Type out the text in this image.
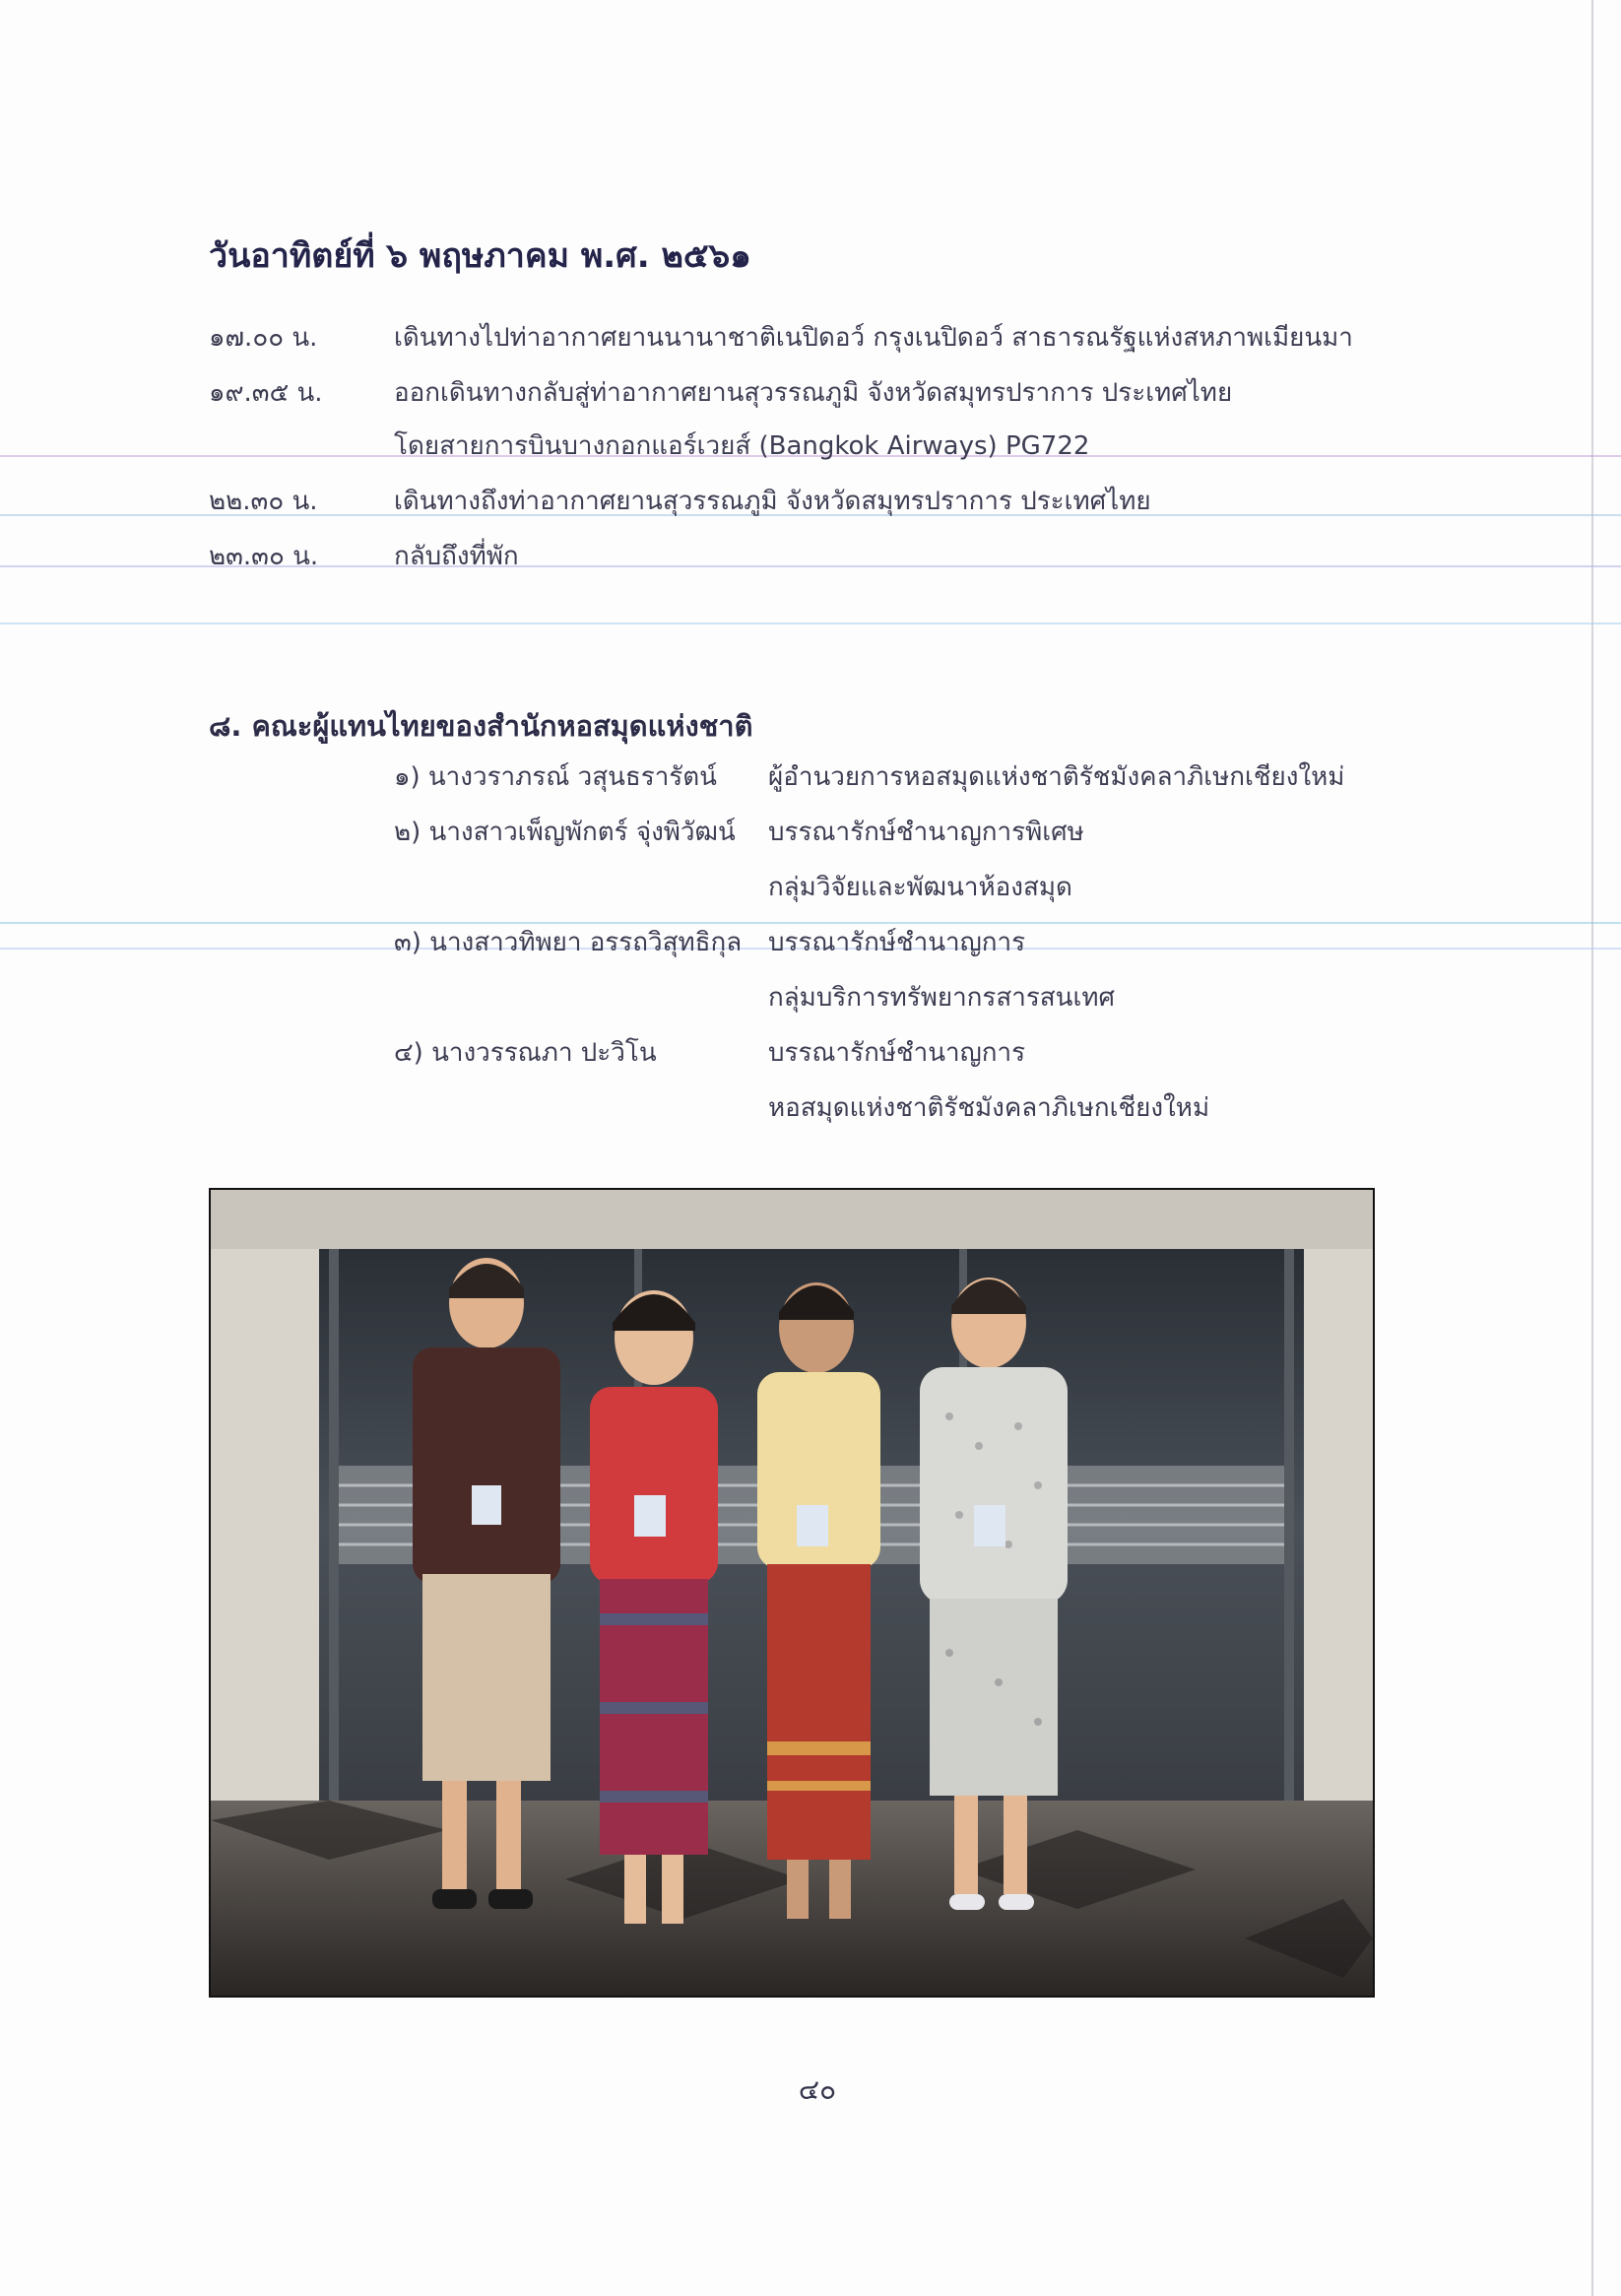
วันอาทิตย์ที่ ๖ พฤษภาคม พ.ศ. ๒๕๖๑
๑๗.๐๐ น.	เดินทางไปท่าอากาศยานนานาชาติเนปิดอว์ กรุงเนปิดอว์ สาธารณรัฐแห่งสหภาพเมียนมา
๑๙.๓๕ น.	ออกเดินทางกลับสู่ท่าอากาศยานสุวรรณภูมิ จังหวัดสมุทรปราการ ประเทศไทย
โดยสายการบินบางกอกแอร์เวยส์ (Bangkok Airways) PG722
๒๒.๓๐ น.	เดินทางถึงท่าอากาศยานสุวรรณภูมิ จังหวัดสมุทรปราการ ประเทศไทย
๒๓.๓๐ น.	กลับถึงที่พัก
๘. คณะผู้แทนไทยของสำนักหอสมุดแห่งชาติ
๑) นางวราภรณ์ วสุนธรารัตน์ ผู้อำนวยการหอสมุดแห่งชาติรัชมังคลาภิเษกเชียงใหม่
๒) นางสาวเพ็ญพักตร์ จุ่งพิวัฒน์ บรรณารักษ์ชำนาญการพิเศษ
กลุ่มวิจัยและพัฒนาห้องสมุด
๓) นางสาวทิพยา อรรถวิสุทธิกุล บรรณารักษ์ชำนาญการ
กลุ่มบริการทรัพยากรสารสนเทศ
๔) นางวรรณภา ปะวิโน	บรรณารักษ์ชำนาญการ
หอสมุดแห่งชาติรัชมังคลาภิเษกเชียงใหม่
๔๐
